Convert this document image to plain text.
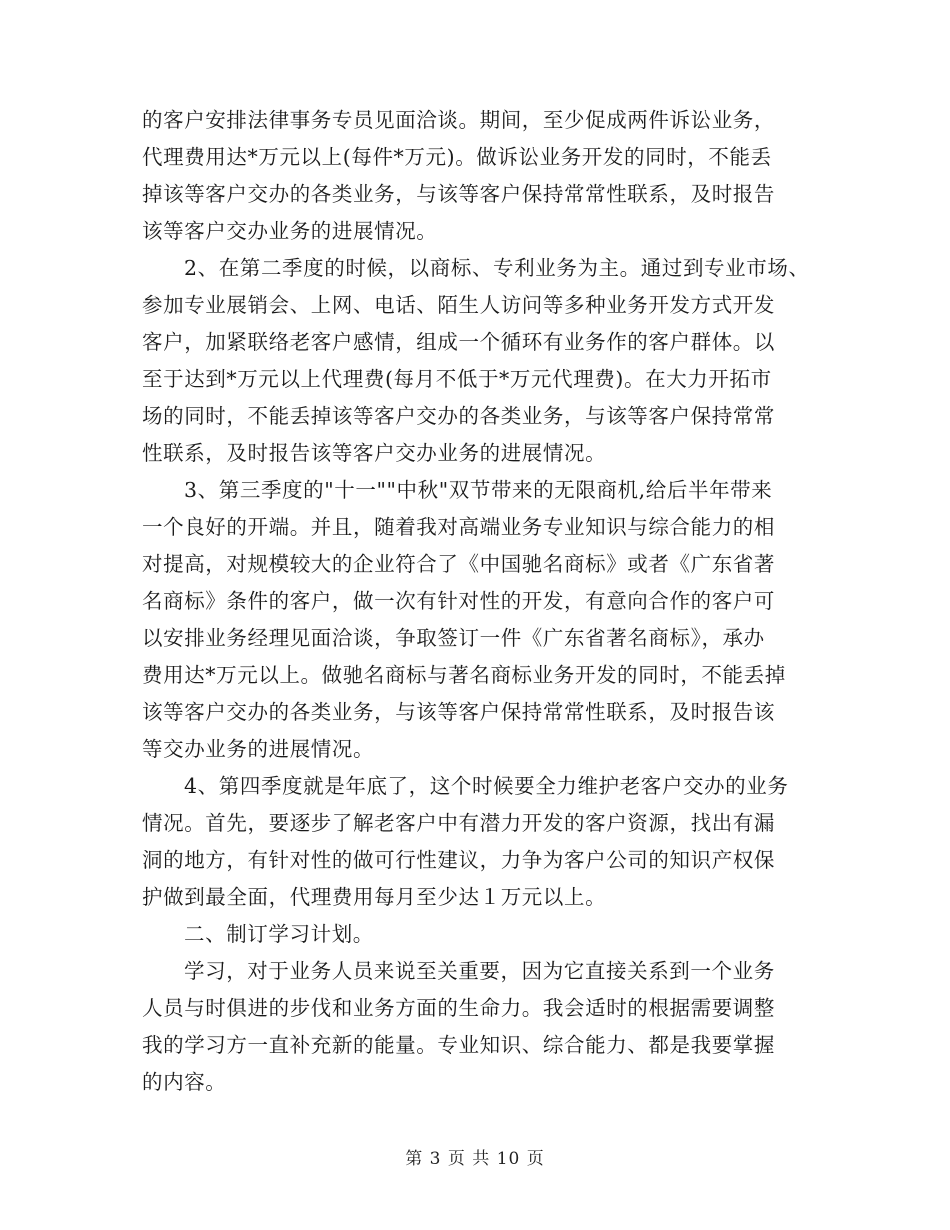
的客户安排法律事务专员见面洽谈。期间，至少促成两件诉讼业务，
代理费用达*万元以上(每件*万元)。做诉讼业务开发的同时，不能丢
掉该等客户交办的各类业务，与该等客户保持常常性联系，及时报告
该等客户交办业务的进展情况。
2、在第二季度的时候，以商标、专利业务为主。通过到专业市场、
参加专业展销会、上网、电话、陌生人访问等多种业务开发方式开发
客户，加紧联络老客户感情，组成一个循环有业务作的客户群体。以
至于达到*万元以上代理费(每月不低于*万元代理费)。在大力开拓市
场的同时，不能丢掉该等客户交办的各类业务，与该等客户保持常常
性联系，及时报告该等客户交办业务的进展情况。
3、第三季度的"十一""中秋"双节带来的无限商机,给后半年带来
一个良好的开端。并且，随着我对高端业务专业知识与综合能力的相
对提高，对规模较大的企业符合了《中国驰名商标》或者《广东省著
名商标》条件的客户，做一次有针对性的开发，有意向合作的客户可
以安排业务经理见面洽谈，争取签订一件《广东省著名商标》，承办
费用达*万元以上。做驰名商标与著名商标业务开发的同时，不能丢掉
该等客户交办的各类业务，与该等客户保持常常性联系，及时报告该
等交办业务的进展情况。
4、第四季度就是年底了，这个时候要全力维护老客户交办的业务
情况。首先，要逐步了解老客户中有潜力开发的客户资源，找出有漏
洞的地方，有针对性的做可行性建议，力争为客户公司的知识产权保
护做到最全面，代理费用每月至少达１万元以上。
二、制订学习计划。
学习，对于业务人员来说至关重要，因为它直接关系到一个业务
人员与时俱进的步伐和业务方面的生命力。我会适时的根据需要调整
我的学习方一直补充新的能量。专业知识、综合能力、都是我要掌握
的内容。
第 3 页 共 10 页
